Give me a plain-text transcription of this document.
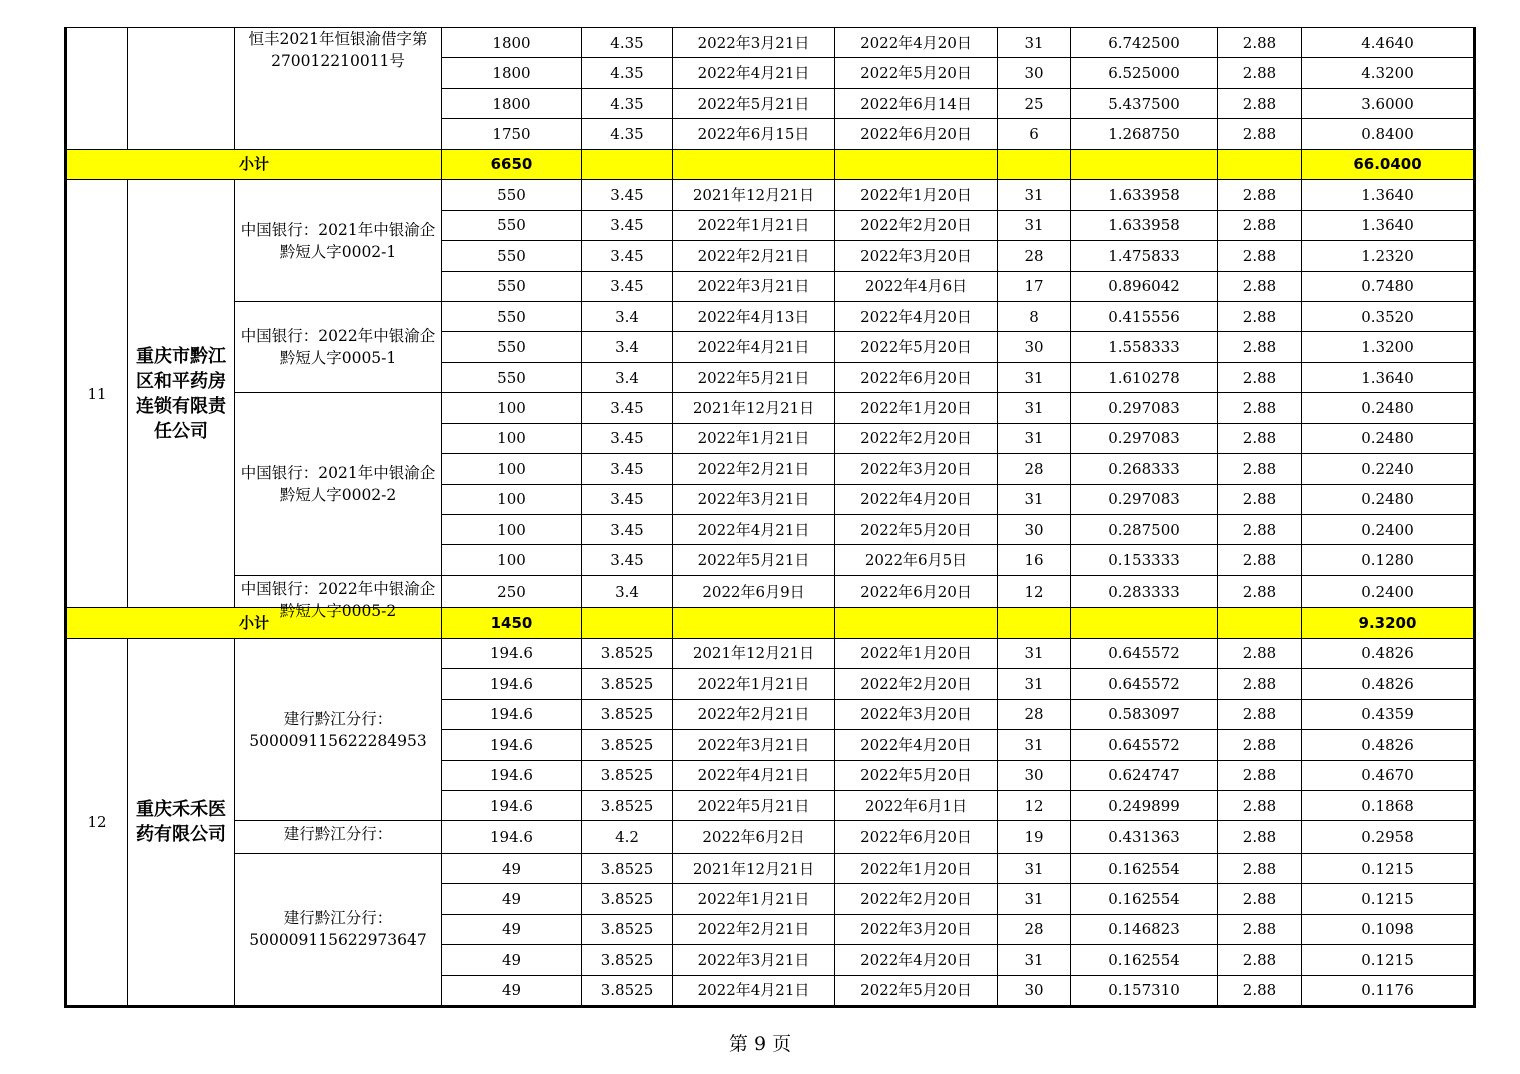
		恒丰2021年恒银渝借字第270012210011号	1800	4.35	2022年3月21日	2022年4月20日	31	6.742500	2.88	4.4640
			1800	4.35	2022年4月21日	2022年5月20日	30	6.525000	2.88	4.3200
			1800	4.35	2022年5月21日	2022年6月14日	25	5.437500	2.88	3.6000
			1750	4.35	2022年6月15日	2022年6月20日	6	1.268750	2.88	0.8400
小计			6650							66.0400
11	重庆市黔江区和平药房连锁有限责任公司	中国银行：2021年中银渝企黔短人字0002-1	550	3.45	2021年12月21日	2022年1月20日	31	1.633958	2.88	1.3640
			550	3.45	2022年1月21日	2022年2月20日	31	1.633958	2.88	1.3640
			550	3.45	2022年2月21日	2022年3月20日	28	1.475833	2.88	1.2320
			550	3.45	2022年3月21日	2022年4月6日	17	0.896042	2.88	0.7480
		中国银行：2022年中银渝企黔短人字0005-1	550	3.4	2022年4月13日	2022年4月20日	8	0.415556	2.88	0.3520
			550	3.4	2022年4月21日	2022年5月20日	30	1.558333	2.88	1.3200
			550	3.4	2022年5月21日	2022年6月20日	31	1.610278	2.88	1.3640
		中国银行：2021年中银渝企黔短人字0002-2	100	3.45	2021年12月21日	2022年1月20日	31	0.297083	2.88	0.2480
			100	3.45	2022年1月21日	2022年2月20日	31	0.297083	2.88	0.2480
			100	3.45	2022年2月21日	2022年3月20日	28	0.268333	2.88	0.2240
			100	3.45	2022年3月21日	2022年4月20日	31	0.297083	2.88	0.2480
			100	3.45	2022年4月21日	2022年5月20日	30	0.287500	2.88	0.2400
			100	3.45	2022年5月21日	2022年6月5日	16	0.153333	2.88	0.1280

		中国银行：2022年中银渝企黔短人字0005-2	250	3.4	2022年6月9日	2022年6月20日	12	0.283333	2.88	0.2400
小计			1450							9.3200
12	重庆禾禾医药有限公司	建行黔江分行：500009115622284953	194.6	3.8525	2021年12月21日	2022年1月20日	31	0.645572	2.88	0.4826
			194.6	3.8525	2022年1月21日	2022年2月20日	31	0.645572	2.88	0.4826
			194.6	3.8525	2022年2月21日	2022年3月20日	28	0.583097	2.88	0.4359
			194.6	3.8525	2022年3月21日	2022年4月20日	31	0.645572	2.88	0.4826
			194.6	3.8525	2022年4月21日	2022年5月20日	30	0.624747	2.88	0.4670
			194.6	3.8525	2022年5月21日	2022年6月1日	12	0.249899	2.88	0.1868

		建行黔江分行：	194.6	4.2	2022年6月2日	2022年6月20日	19	0.431363	2.88	0.2958
		建行黔江分行：500009115622973647	49	3.8525	2021年12月21日	2022年1月20日	31	0.162554	2.88	0.1215
			49	3.8525	2022年1月21日	2022年2月20日	31	0.162554	2.88	0.1215
			49	3.8525	2022年2月21日	2022年3月20日	28	0.146823	2.88	0.1098
			49	3.8525	2022年3月21日	2022年4月20日	31	0.162554	2.88	0.1215
			49	3.8525	2022年4月21日	2022年5月20日	30	0.157310	2.88	0.1176
第 9 页
